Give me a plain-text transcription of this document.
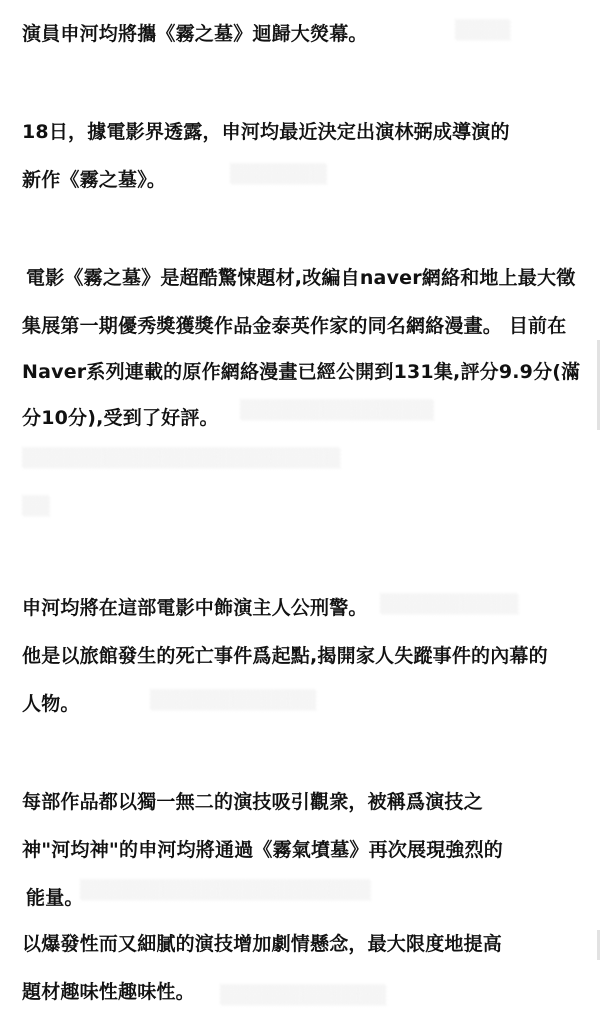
▒▒▒▒
▒▒▒▒▒▒▒
▒▒▒▒▒▒▒▒▒▒▒▒▒▒
▒▒▒▒▒▒▒▒▒▒▒▒▒▒▒▒▒▒▒▒▒▒▒
▒▒
▒▒▒▒▒▒▒▒▒▒
▒▒▒▒▒▒▒▒▒▒▒▒
▒▒▒▒▒▒▒▒▒▒▒▒▒▒▒▒▒▒▒▒▒
▒▒▒▒▒▒▒▒▒▒▒▒
演員申河均將攜《霧之墓》迴歸大熒幕。
18日，據電影界透露，申河均最近決定出演林弼成導演的
新作《霧之墓》。
電影《霧之墓》是超酷驚悚題材,改編自naver網絡和地上最大徵
集展第一期優秀獎獲獎作品金泰英作家的同名網絡漫畫。 目前在
Naver系列連載的原作網絡漫畫已經公開到131集,評分9.9分(滿
分10分),受到了好評。
申河均將在這部電影中飾演主人公刑警。
他是以旅館發生的死亡事件爲起點,揭開家人失蹤事件的內幕的
人物。
每部作品都以獨一無二的演技吸引觀衆，被稱爲演技之
神"河均神"的申河均將通過《霧氣墳墓》再次展現強烈的
能量。
以爆發性而又細膩的演技增加劇情懸念，最大限度地提高
題材趣味性趣味性。
